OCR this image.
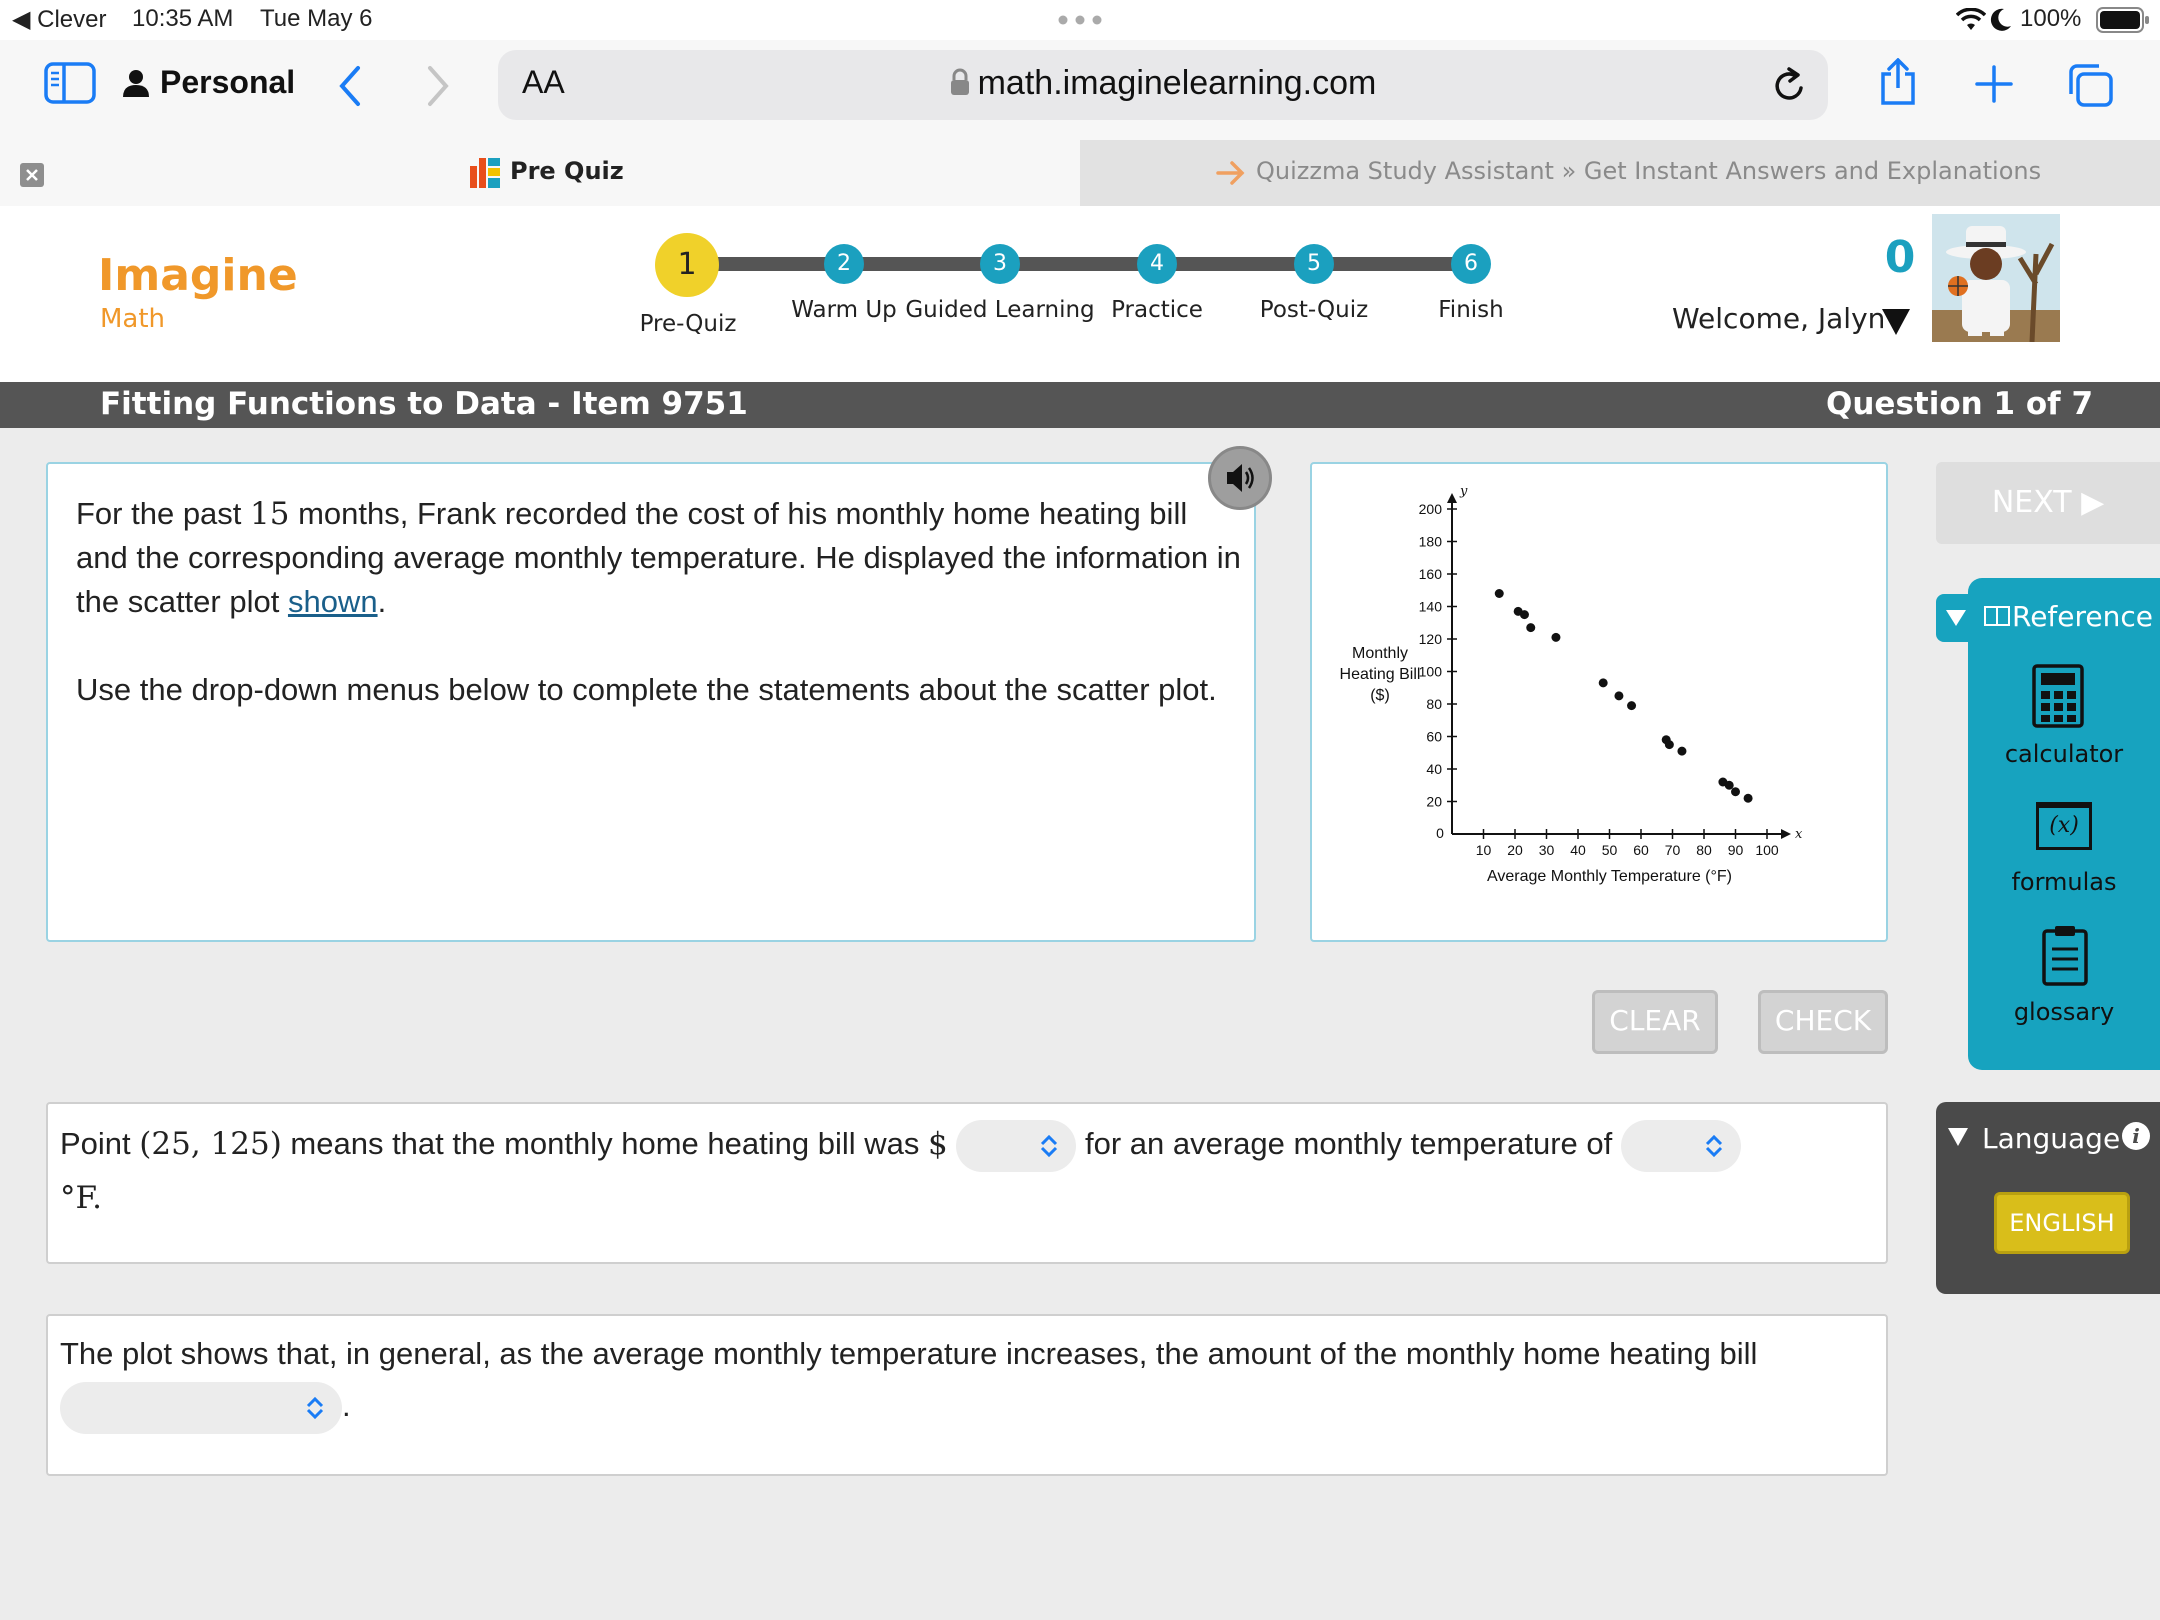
◀ Clever 10:35 AM Tue May 6	100%
Personal	AA	math.imaginelearning.com
Pre Quiz	Quizzma Study Assistant » Get Instant Answers and Explanations
Imagine
Math
1	2	3	4	5	6
Pre-Quiz
Warm Up Guided Learning Practice	Post-Quiz	Finish
0
Welcome, Jalyn
Fitting Functions to Data - Item 9751	Question 1 of 7
For the past 15 months, Frank recorded the cost of his monthly home heating bill and the corresponding average monthly temperature. He displayed the information in the scatter plot shown.
Use the drop-down menus below to complete the statements about the scatter plot.
x
y
0
10 20 30 40 50 60 70 80 90 100
20
40
60
80
100
120
140
160
180
200
Average Monthly Temperature (°F)
Monthly
Heating Bill
($)
NEXT ▶
Reference
calculator
(x)
formulas
glossary
CLEAR	CHECK
Language i
ENGLISH
Point (25, 125) means that the monthly home heating bill was $	for an average monthly temperature of

°F.
The plot shows that, in general, as the average monthly temperature increases, the amount of the monthly home heating bill
.
